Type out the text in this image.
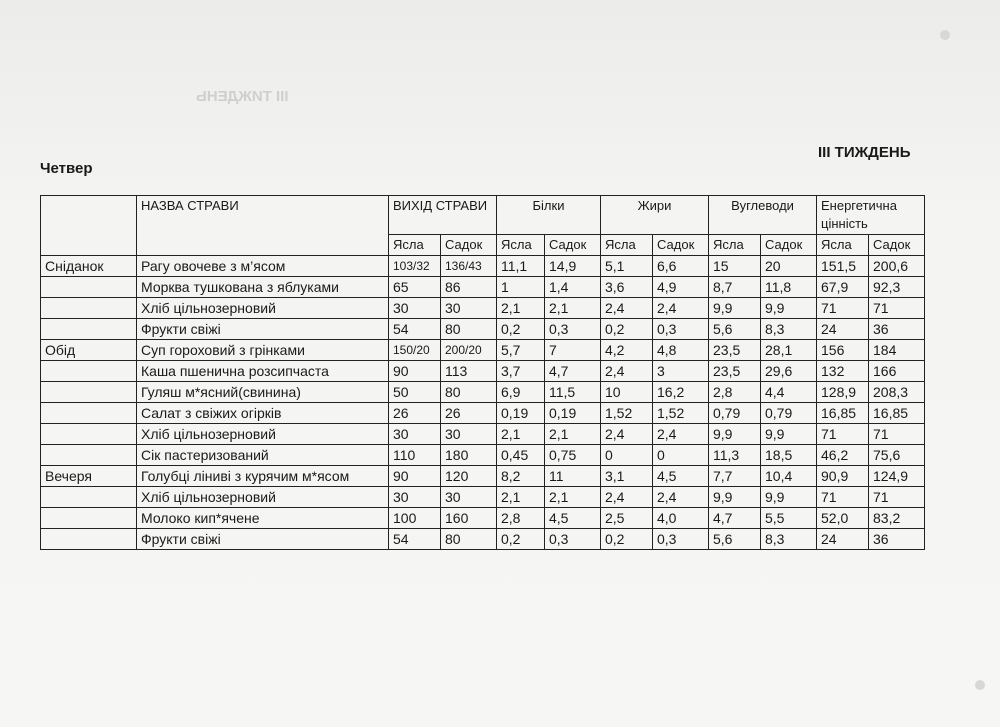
III ТИЖДЕНЬ
Четвер
III ТИЖДЕНЬ
	НАЗВА СТРАВИ	ВИХІД СТРАВИ		Білки		Жири		Вуглеводи		Енергетична цінність	
		Ясла	Садок	Ясла	Садок	Ясла	Садок	Ясла	Садок	Ясла	Садок
Сніданок	Рагу овочеве з м’ясом	103/32	136/43	11,1	14,9	5,1	6,6	15	20	151,5	200,6
	Морква тушкована з яблуками	65	86	1	1,4	3,6	4,9	8,7	11,8	67,9	92,3
	Хліб цільнозерновий	30	30	2,1	2,1	2,4	2,4	9,9	9,9	71	71
	Фрукти свіжі	54	80	0,2	0,3	0,2	0,3	5,6	8,3	24	36
Обід	Суп гороховий з грінками	150/20	200/20	5,7	7	4,2	4,8	23,5	28,1	156	184
	Каша пшенична розсипчаста	90	113	3,7	4,7	2,4	3	23,5	29,6	132	166
	Гуляш м*ясний(свинина)	50	80	6,9	11,5	10	16,2	2,8	4,4	128,9	208,3
	Салат з свіжих огірків	26	26	0,19	0,19	1,52	1,52	0,79	0,79	16,85	16,85
	Хліб цільнозерновий	30	30	2,1	2,1	2,4	2,4	9,9	9,9	71	71
	Сік пастеризований	110	180	0,45	0,75	0	0	11,3	18,5	46,2	75,6
Вечеря	Голубці ліниві з курячим м*ясом	90	120	8,2	11	3,1	4,5	7,7	10,4	90,9	124,9
	Хліб цільнозерновий	30	30	2,1	2,1	2,4	2,4	9,9	9,9	71	71
	Молоко кип*ячене	100	160	2,8	4,5	2,5	4,0	4,7	5,5	52,0	83,2
	Фрукти свіжі	54	80	0,2	0,3	0,2	0,3	5,6	8,3	24	36
